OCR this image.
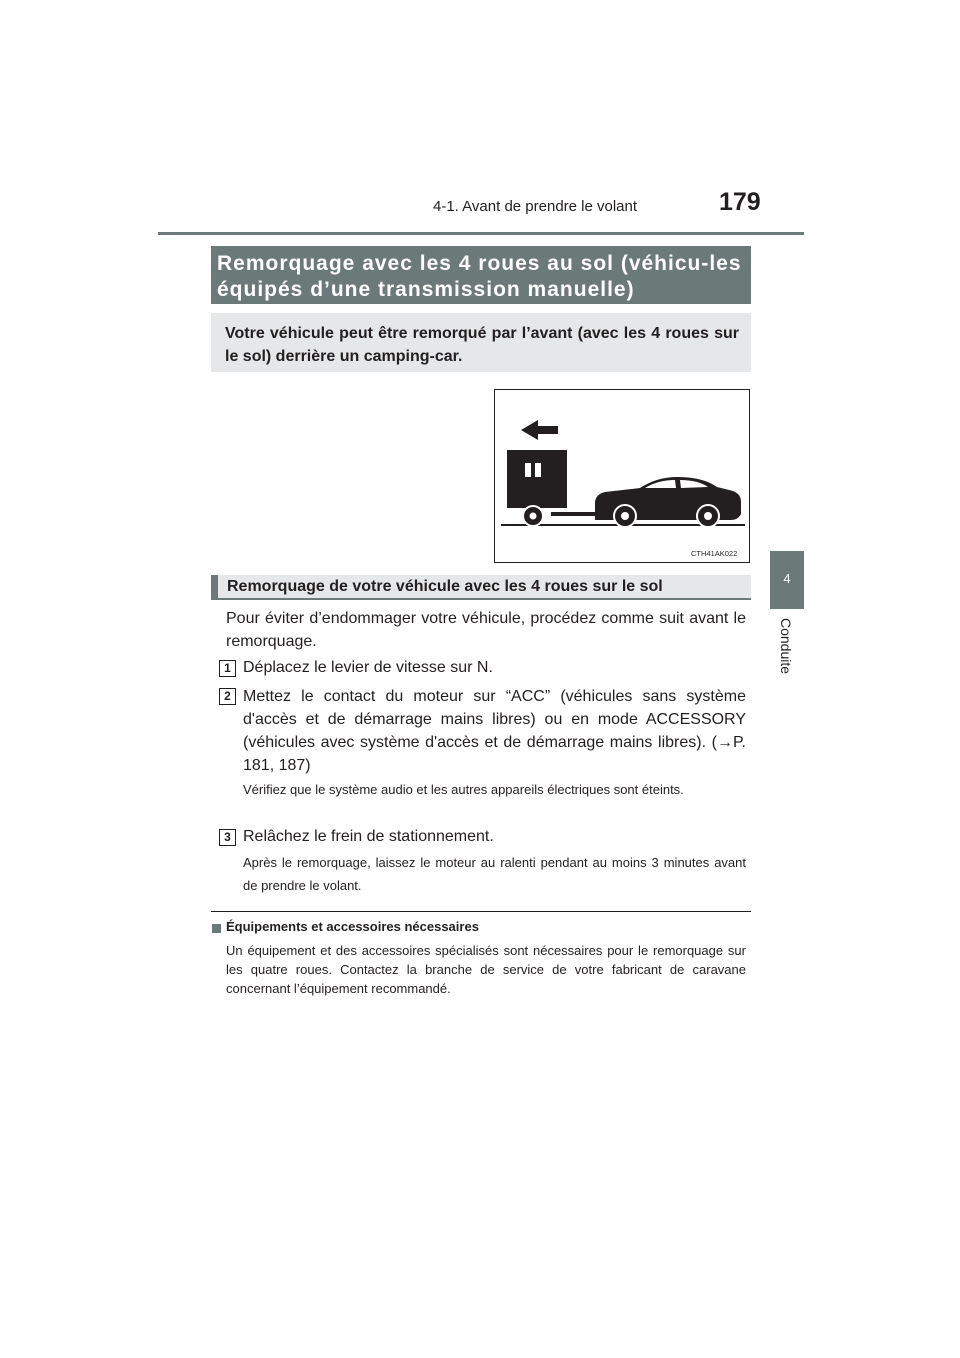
4-1. Avant de prendre le volant	179
4
Conduite
Remorquage avec les 4 roues au sol (véhicu-les équipés d’une transmission manuelle)
Votre véhicule peut être remorqué par l’avant (avec les 4 roues sur le sol) derrière un camping-car.
CTH41AK022
Remorquage de votre véhicule avec les 4 roues sur le sol
Pour éviter d’endommager votre véhicule, procédez comme suit avant le remorquage.
1 Déplacez le levier de vitesse sur N.
2 Mettez le contact du moteur sur “ACC” (véhicules sans système d'accès et de démarrage mains libres) ou en mode ACCESSORY (véhicules avec système d'accès et de démarrage mains libres). (→P. 181, 187)
Vérifiez que le système audio et les autres appareils électriques sont éteints.
3 Relâchez le frein de stationnement.
Après le remorquage, laissez le moteur au ralenti pendant au moins 3 minutes avant de prendre le volant.
Équipements et accessoires nécessaires
Un équipement et des accessoires spécialisés sont nécessaires pour le remorquage sur les quatre roues. Contactez la branche de service de votre fabricant de caravane concernant l’équipement recommandé.
